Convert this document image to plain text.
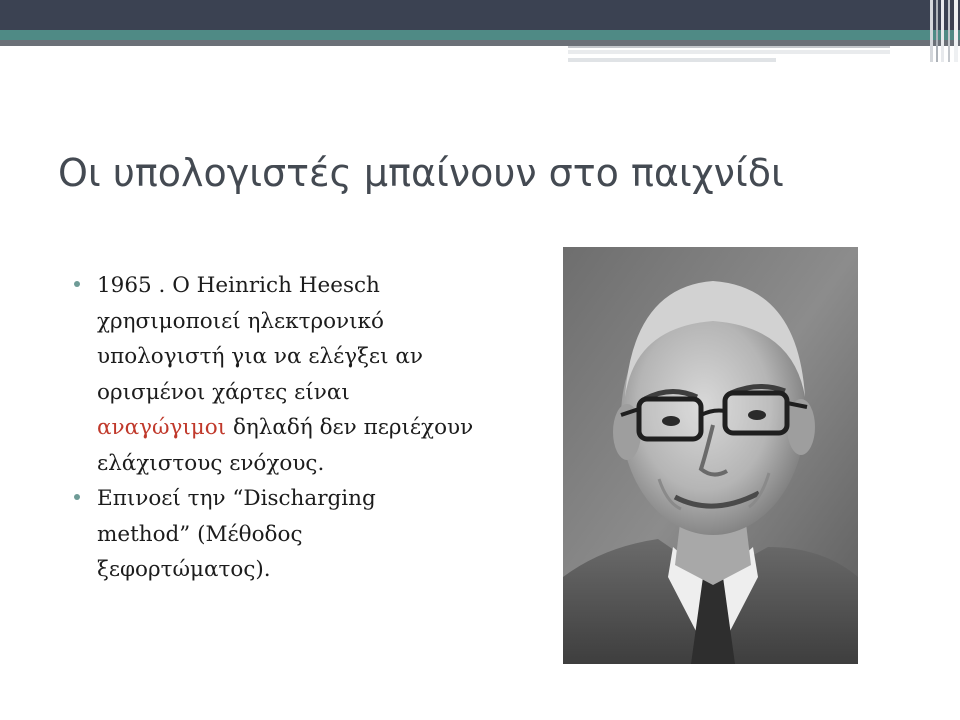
Οι υπολογιστές μπαίνουν στο παιχνίδι
1965 . Ο Heinrich Heesch χρησιμοποιεί ηλεκτρονικό υπολογιστή για να ελέγξει αν ορισμένοι χάρτες είναι αναγώγιμοι δηλαδή δεν περιέχουν ελάχιστους ενόχους.
Επινοεί την “Discharging method” (Μέθοδος ξεφορτώματος).
